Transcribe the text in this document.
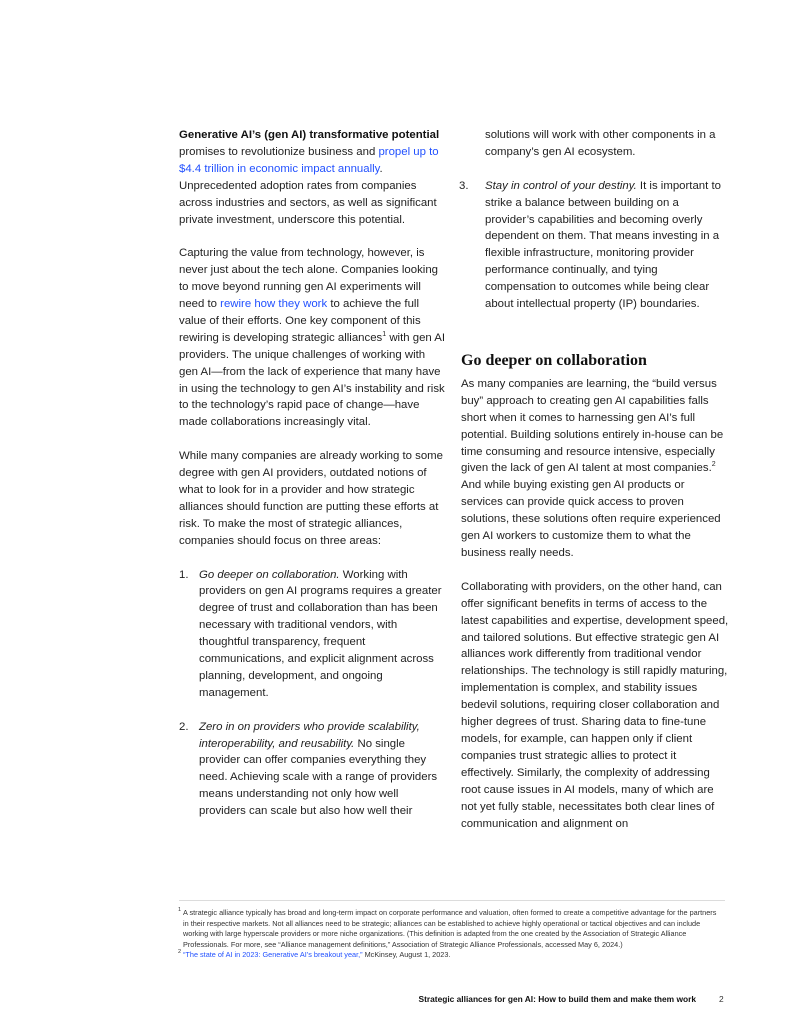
Generative AI’s (gen AI) transformative potential promises to revolutionize business and propel up to $4.4 trillion in economic impact annually. Unprecedented adoption rates from companies across industries and sectors, as well as significant private investment, underscore this potential.

Capturing the value from technology, however, is never just about the tech alone. Companies looking to move beyond running gen AI experiments will need to rewire how they work to achieve the full value of their efforts. One key component of this rewiring is developing strategic alliances$^1$ with gen AI providers. The unique challenges of working with gen AI—from the lack of experience that many have in using the technology to gen AI’s instability and risk to the technology’s rapid pace of change—have made collaborations increasingly vital.

While many companies are already working to some degree with gen AI providers, outdated notions of what to look for in a provider and how strategic alliances should function are putting these efforts at risk. To make the most of strategic alliances, companies should focus on three areas:

1. Go deeper on collaboration. Working with providers on gen AI programs requires a greater degree of trust and collaboration than has been necessary with traditional vendors, with thoughtful transparency, frequent communications, and explicit alignment across planning, development, and ongoing management.
2. Zero in on providers who provide scalability, interoperability, and reusability. No single provider can offer companies everything they need. Achieving scale with a range of providers means understanding not only how well providers can scale but also how well their

solutions will work with other components in a company’s gen AI ecosystem.

3. Stay in control of your destiny. It is important to strike a balance between building on a provider’s capabilities and becoming overly dependent on them. That means investing in a flexible infrastructure, monitoring provider performance continually, and tying compensation to outcomes while being clear about intellectual property (IP) boundaries.
Go deeper on collaboration

As many companies are learning, the “build versus buy” approach to creating gen AI capabilities falls short when it comes to harnessing gen AI’s full potential. Building solutions entirely in-house can be time consuming and resource intensive, especially given the lack of gen AI talent at most companies.$^2$ And while buying existing gen AI products or services can provide quick access to proven solutions, these solutions often require experienced gen AI workers to customize them to what the business really needs.

Collaborating with providers, on the other hand, can offer significant benefits in terms of access to the latest capabilities and expertise, development speed, and tailored solutions. But effective strategic gen AI alliances work differently from traditional vendor relationships. The technology is still rapidly maturing, implementation is complex, and stability issues bedevil solutions, requiring closer collaboration and higher degrees of trust. Sharing data to fine-tune models, for example, can happen only if client companies trust strategic allies to protect it effectively. Similarly, the complexity of addressing root cause issues in AI models, many of which are not yet fully stable, necessitates both clear lines of communication and alignment on

1 A strategic alliance typically has broad and long-term impact on corporate performance and valuation, often formed to create a competitive advantage for the partners in their respective markets. Not all alliances need to be strategic; alliances can be established to achieve highly operational or tactical objectives and can include working with large hyperscale providers or more niche organizations. (This definition is adapted from the one created by the Association of Strategic Alliance Professionals. For more, see “Alliance management definitions,” Association of Strategic Alliance Professionals, accessed May 6, 2024.)

2 “The state of AI in 2023: Generative AI’s breakout year,” McKinsey, August 1, 2023.

Strategic alliances for gen AI: How to build them and make them work	2
